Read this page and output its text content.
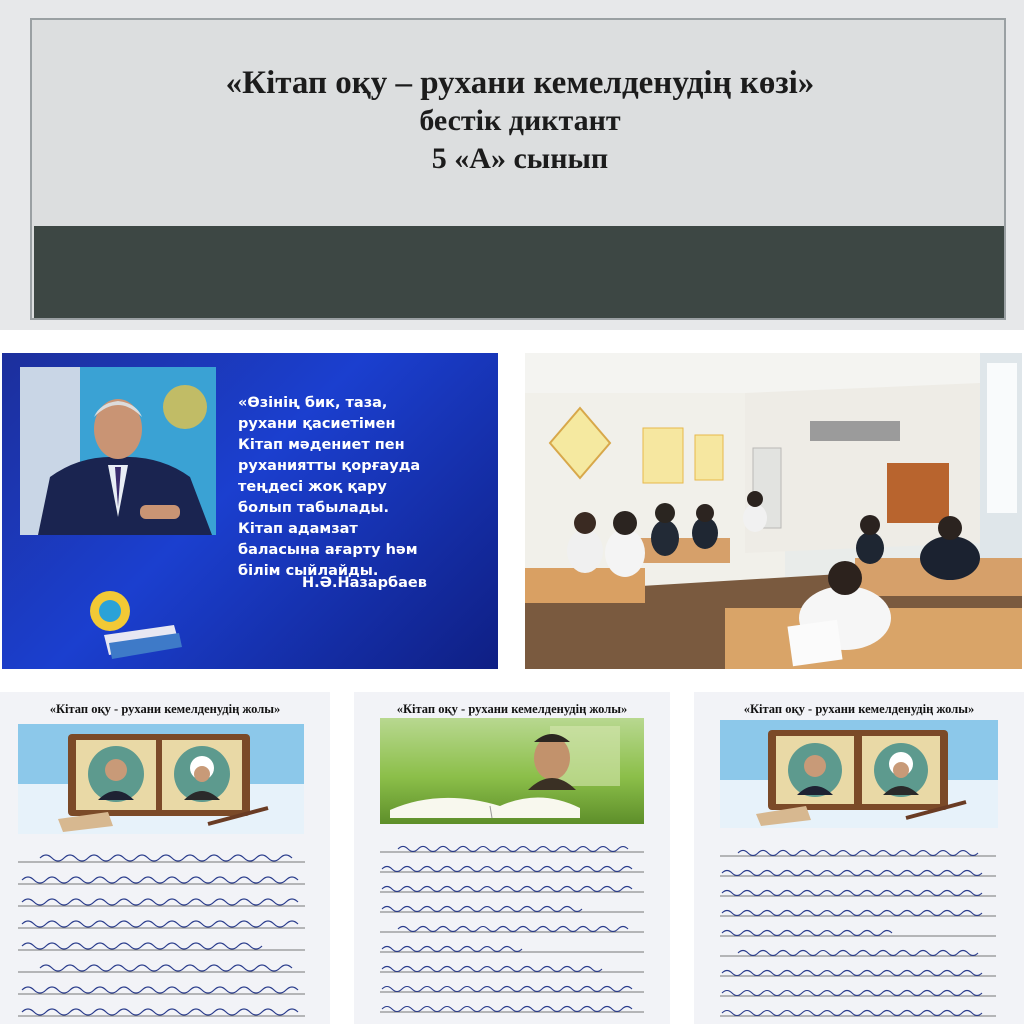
«Кітап оқу – рухани кемелденудің көзі»
бестік диктант
5 «А» сынып
«Өзінің бик, таза,
рухани қасиетімен
Кітап мәдениет пен
руханиятты қорғауда
теңдесі жоқ қару
болып табылады.
Кітап адамзат
баласына ағарту һәм
білім сыйлайды.
Н.Ә.Назарбаев
«Кітап оқу - рухани кемелденудің жолы»	«Кітап оқу - рухани кемелденудің жолы»	«Кітап оқу - рухани кемелденудің жолы»
